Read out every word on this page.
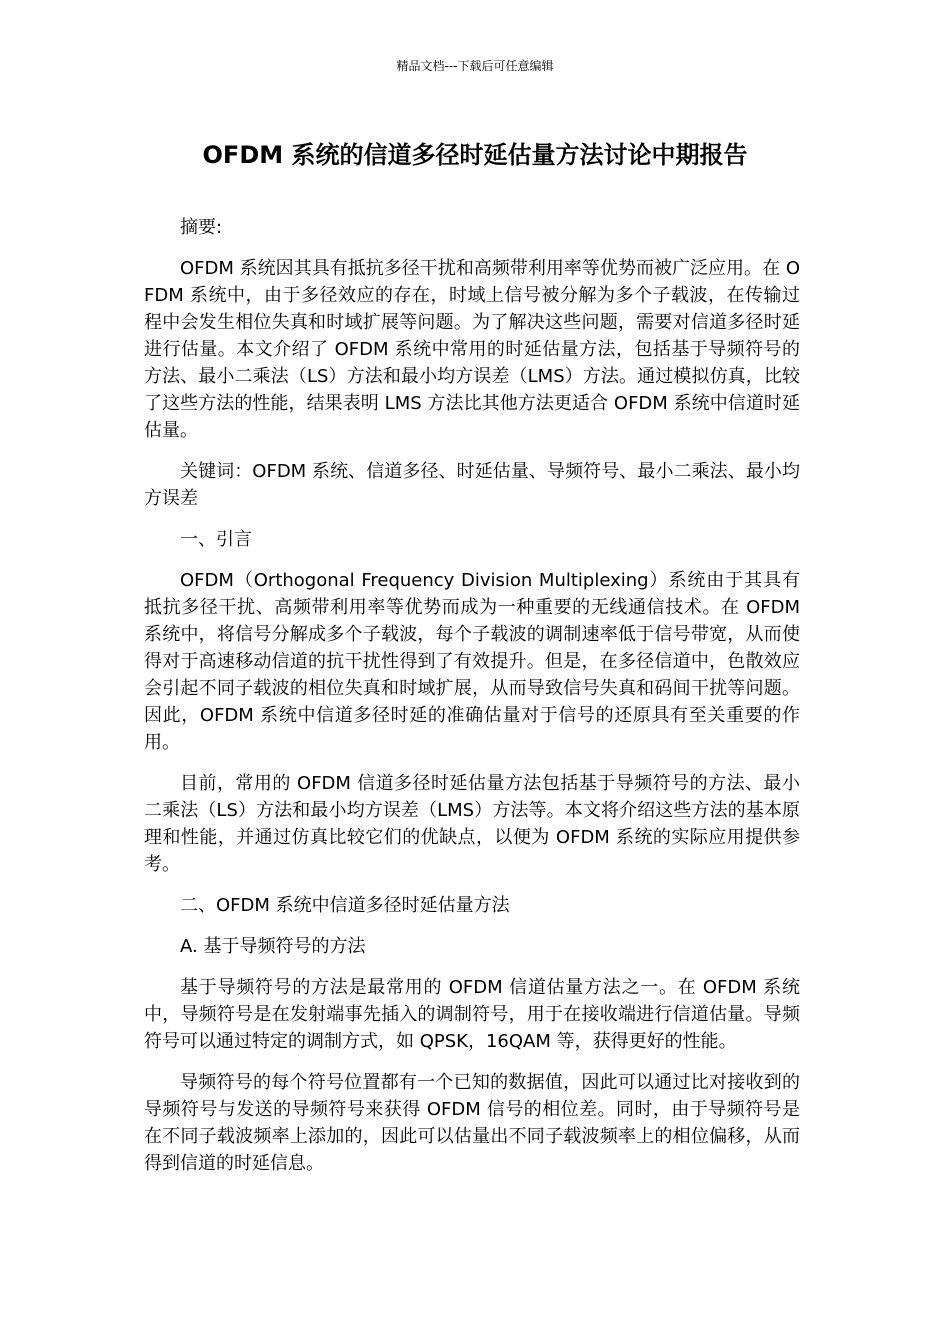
精品文档---下载后可任意编辑
OFDM 系统的信道多径时延估量方法讨论中期报告

摘要:

OFDM 系统因其具有抵抗多径干扰和高频带利用率等优势而被广泛应用。在 OFDM 系统中，由于多径效应的存在，时域上信号被分解为多个子载波，在传输过程中会发生相位失真和时域扩展等问题。为了解决这些问题，需要对信道多径时延进行估量。本文介绍了 OFDM 系统中常用的时延估量方法，包括基于导频符号的方法、最小二乘法（LS）方法和最小均方误差（LMS）方法。通过模拟仿真，比较了这些方法的性能，结果表明 LMS 方法比其他方法更适合 OFDM 系统中信道时延估量。

关键词：OFDM 系统、信道多径、时延估量、导频符号、最小二乘法、最小均方误差

一、引言

OFDM（Orthogonal Frequency Division Multiplexing）系统由于其具有抵抗多径干扰、高频带利用率等优势而成为一种重要的无线通信技术。在 OFDM 系统中，将信号分解成多个子载波，每个子载波的调制速率低于信号带宽，从而使得对于高速移动信道的抗干扰性得到了有效提升。但是，在多径信道中，色散效应会引起不同子载波的相位失真和时域扩展，从而导致信号失真和码间干扰等问题。因此，OFDM 系统中信道多径时延的准确估量对于信号的还原具有至关重要的作用。

目前，常用的 OFDM 信道多径时延估量方法包括基于导频符号的方法、最小二乘法（LS）方法和最小均方误差（LMS）方法等。本文将介绍这些方法的基本原理和性能，并通过仿真比较它们的优缺点，以便为 OFDM 系统的实际应用提供参考。

二、OFDM 系统中信道多径时延估量方法

A. 基于导频符号的方法

基于导频符号的方法是最常用的 OFDM 信道估量方法之一。在 OFDM 系统中，导频符号是在发射端事先插入的调制符号，用于在接收端进行信道估量。导频符号可以通过特定的调制方式，如 QPSK，16QAM 等，获得更好的性能。

导频符号的每个符号位置都有一个已知的数据值，因此可以通过比对接收到的导频符号与发送的导频符号来获得 OFDM 信号的相位差。同时，由于导频符号是在不同子载波频率上添加的，因此可以估量出不同子载波频率上的相位偏移，从而得到信道的时延信息。
